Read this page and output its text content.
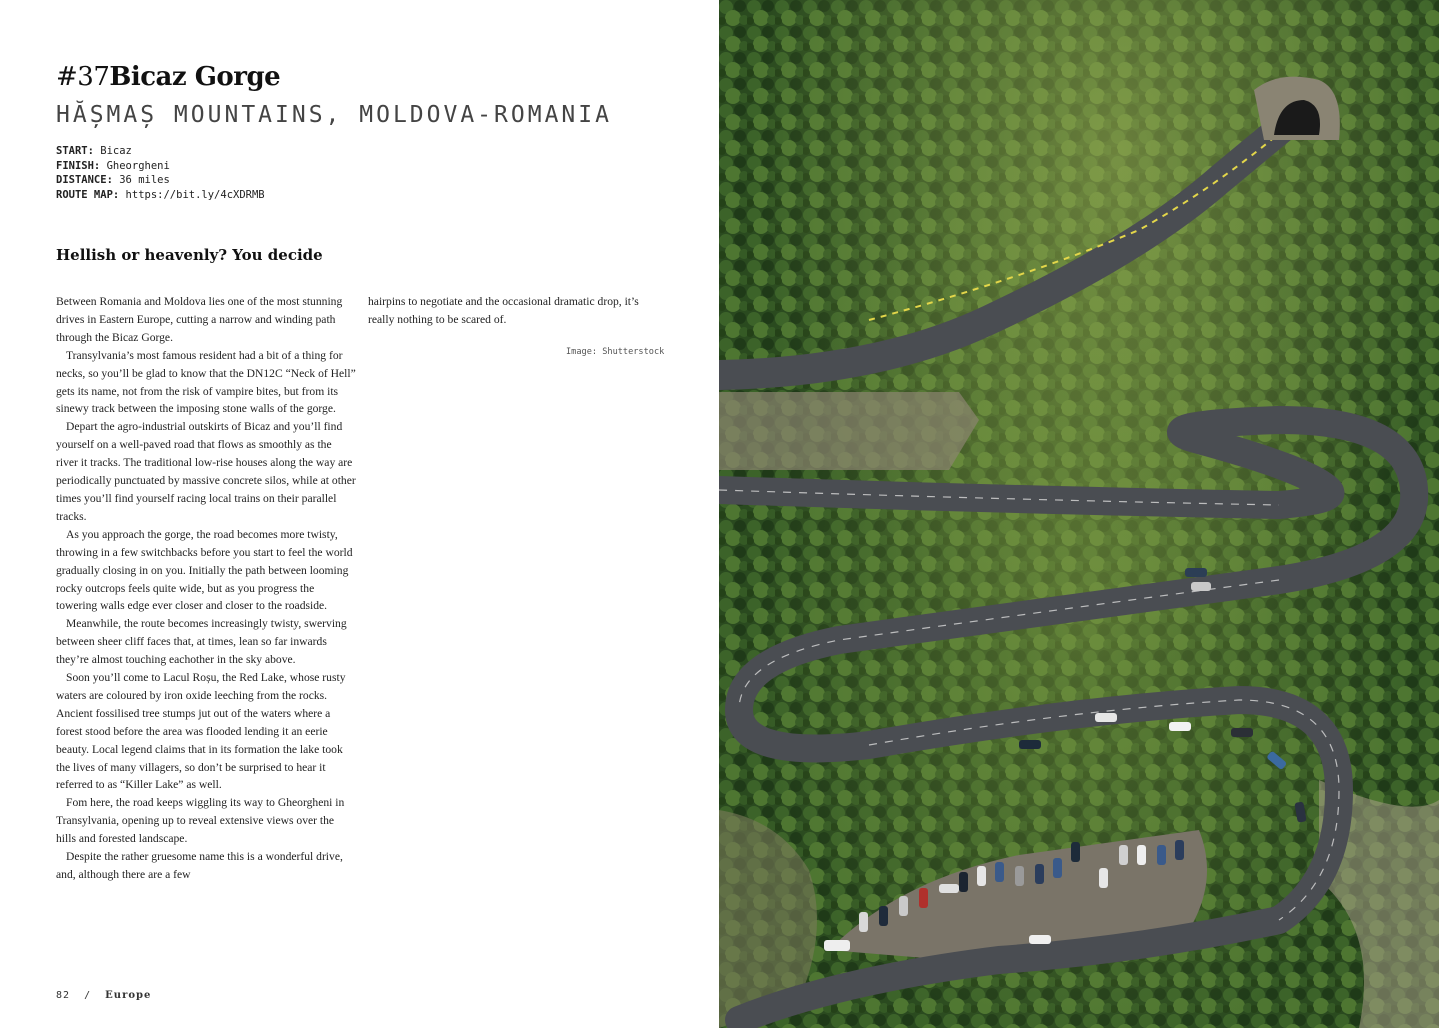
#37Bicaz Gorge
HĂȘMAȘ MOUNTAINS, MOLDOVA-ROMANIA
START: Bicaz
FINISH: Gheorgheni
DISTANCE: 36 miles
ROUTE MAP: https://bit.ly/4cXDRMB
Hellish or heavenly? You decide

Between Romania and Moldova lies one of the most stunning drives in Eastern Europe, cutting a narrow and winding path through the Bicaz Gorge.

Transylvania’s most famous resident had a bit of a thing for necks, so you’ll be glad to know that the DN12C “Neck of Hell” gets its name, not from the risk of vampire bites, but from its sinewy track between the imposing stone walls of the gorge.

Depart the agro-industrial outskirts of Bicaz and you’ll find yourself on a well-paved road that flows as smoothly as the river it tracks. The traditional low-rise houses along the way are periodically punctuated by massive concrete silos, while at other times you’ll find yourself racing local trains on their parallel tracks.

As you approach the gorge, the road becomes more twisty, throwing in a few switchbacks before you start to feel the world gradually closing in on you. Initially the path between looming rocky outcrops feels quite wide, but as you progress the towering walls edge ever closer and closer to the roadside.

Meanwhile, the route becomes increasingly twisty, swerving between sheer cliff faces that, at times, lean so far inwards they’re almost touching eachother in the sky above.

Soon you’ll come to Lacul Roșu, the Red Lake, whose rusty waters are coloured by iron oxide leeching from the rocks. Ancient fossilised tree stumps jut out of the waters where a forest stood before the area was flooded lending it an eerie beauty. Local legend claims that in its formation the lake took the lives of many villagers, so don’t be surprised to hear it referred to as “Killer Lake” as well.

Fom here, the road keeps wiggling its way to Gheorgheni in Transylvania, opening up to reveal extensive views over the hills and forested landscape.

Despite the rather gruesome name this is a wonderful drive, and, although there are a few

hairpins to negotiate and the occasional dramatic drop, it’s really nothing to be scared of.

Image: Shutterstock
82 / Europe
